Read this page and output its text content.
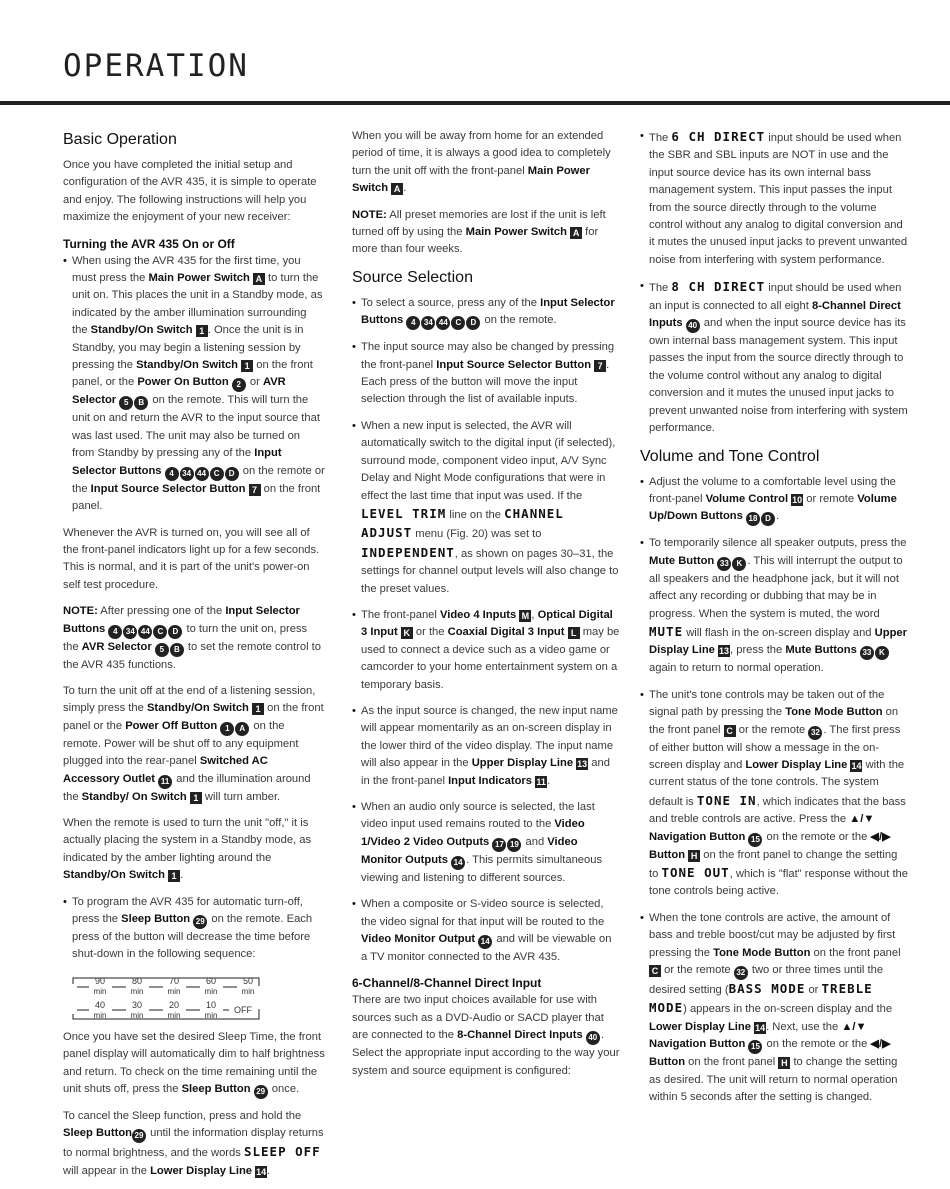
OPERATION
Basic Operation

Once you have completed the initial setup and configuration of the AVR 435, it is simple to operate and enjoy. The following instructions will help you maximize the enjoyment of your new receiver:

Turning the AVR 435 On or Off

• When using the AVR 435 for the first time, you must press the Main Power Switch A to turn the unit on. This places the unit in a Standby mode, as indicated by the amber illumination surrounding the Standby/On Switch 1 . Once the unit is in Standby, you may begin a listening session by pressing the Standby/On Switch 1 on the front panel, or the Power On Button 2 or AVR Selector 5 B on the remote. This will turn the unit on and return the AVR to the input source that was last used. The unit may also be turned on from Standby by pressing any of the Input Selector Buttons 4 34 44 C D on the remote or the Input Source Selector Button 7 on the front panel.

Whenever the AVR is turned on, you will see all of the front-panel indicators light up for a few seconds. This is normal, and it is part of the unit's power-on self test procedure.

NOTE: After pressing one of the Input Selector Buttons 4 34 44 C D to turn the unit on, press the AVR Selector 5 B to set the remote control to the AVR 435 functions.

To turn the unit off at the end of a listening session, simply press the Standby/On Switch 1 on the front panel or the Power Off Button 1 A on the remote. Power will be shut off to any equipment plugged into the rear-panel Switched AC Accessory Outlet 11 and the illumination around the Standby/ On Switch 1 will turn amber.

When the remote is used to turn the unit "off," it is actually placing the system in a Standby mode, as indicated by the amber lighting around the Standby/On Switch 1 .

• To program the AVR 435 for automatic turn-off, press the Sleep Button 29 on the remote. Each press of the button will decrease the time before shut-down in the following sequence:

90
min
80
min
70
min
60
min
50
min
40
min
30
min
20
min
10
min
OFF

Once you have set the desired Sleep Time, the front panel display will automatically dim to half brightness and return. To check on the time remaining until the unit shuts off, press the Sleep Button 29 once.

To cancel the Sleep function, press and hold the Sleep Button 29 until the information display returns to normal brightness, and the words SLEEP OFF will appear in the Lower Display Line 14.

When you will be away from home for an extended period of time, it is always a good idea to completely turn the unit off with the front-panel Main Power Switch A .

NOTE: All preset memories are lost if the unit is left turned off by using the Main Power Switch A for more than four weeks.

Source Selection

• To select a source, press any of the Input Selector Buttons 4 34 44 C D on the remote.

• The input source may also be changed by pressing the front-panel Input Source Selector Button 7 . Each press of the button will move the input selection through the list of available inputs.

• When a new input is selected, the AVR will automatically switch to the digital input (if selected), surround mode, component video input, A/V Sync Delay and Night Mode configurations that were in effect the last time that input was used. If the LEVEL TRIM line on the CHANNEL ADJUST menu (Fig. 20) was set to INDEPENDENT, as shown on pages 30–31, the settings for channel output levels will also change to the preset values.

• The front-panel Video 4 Inputs M , Optical Digital 3 Input K or the Coaxial Digital 3 Input L may be used to connect a device such as a video game or camcorder to your home entertainment system on a temporary basis.

• As the input source is changed, the new input name will appear momentarily as an on-screen display in the lower third of the video display. The input name will also appear in the Upper Display Line 13 and in the front-panel Input Indicators 11.

• When an audio only source is selected, the last video input used remains routed to the Video 1/Video 2 Video Outputs 17 19 and Video Monitor Outputs 14 . This permits simultaneous viewing and listening to different sources.

• When a composite or S-video source is selected, the video signal for that input will be routed to the Video Monitor Output 14 and will be viewable on a TV monitor connected to the AVR 435.

6-Channel/8-Channel Direct Input

There are two input choices available for use with sources such as a DVD-Audio or SACD player that are connected to the 8-Channel Direct Inputs 40 . Select the appropriate input according to the way your system and source equipment is configured:

• The 6 CH DIRECT input should be used when the SBR and SBL inputs are NOT in use and the input source device has its own internal bass management system. This input passes the input from the source directly through to the volume control without any analog to digital conversion and it mutes the unused input jacks to prevent unwanted noise from interfering with system performance.

• The 8 CH DIRECT input should be used when an input is connected to all eight 8-Channel Direct Inputs 40 and when the input source device has its own internal bass management system. This input passes the input from the source directly through to the volume control without any analog to digital conversion and it mutes the unused input jacks to prevent unwanted noise from interfering with system performance.

Volume and Tone Control

• Adjust the volume to a comfortable level using the front-panel Volume Control 10 or remote Volume Up/Down Buttons 18 D .

• To temporarily silence all speaker outputs, press the Mute Button 33 K . This will interrupt the output to all speakers and the headphone jack, but it will not affect any recording or dubbing that may be in progress. When the system is muted, the word MUTE will flash in the on-screen display and Upper Display Line 13, press the Mute Buttons 33 K again to return to normal operation.

• The unit's tone controls may be taken out of the signal path by pressing the Tone Mode Button on the front panel C or the remote 32 . The first press of either button will show a message in the on-screen display and Lower Display Line 14 with the current status of the tone controls. The system default is TONE IN, which indicates that the bass and treble controls are active. Press the ▲/▼ Navigation Button 15 on the remote or the ◀/▶ Button H on the front panel to change the setting to TONE OUT, which is "flat" response without the tone controls being active.

• When the tone controls are active, the amount of bass and treble boost/cut may be adjusted by first pressing the Tone Mode Button on the front panel C or the remote 32 two or three times until the desired setting (BASS MODE or TREBLE MODE) appears in the on-screen display and the Lower Display Line 14. Next, use the ▲/▼ Navigation Button 15 on the remote or the ◀/▶ Button on the front panel H to change the setting as desired. The unit will return to normal operation within 5 seconds after the setting is changed.
